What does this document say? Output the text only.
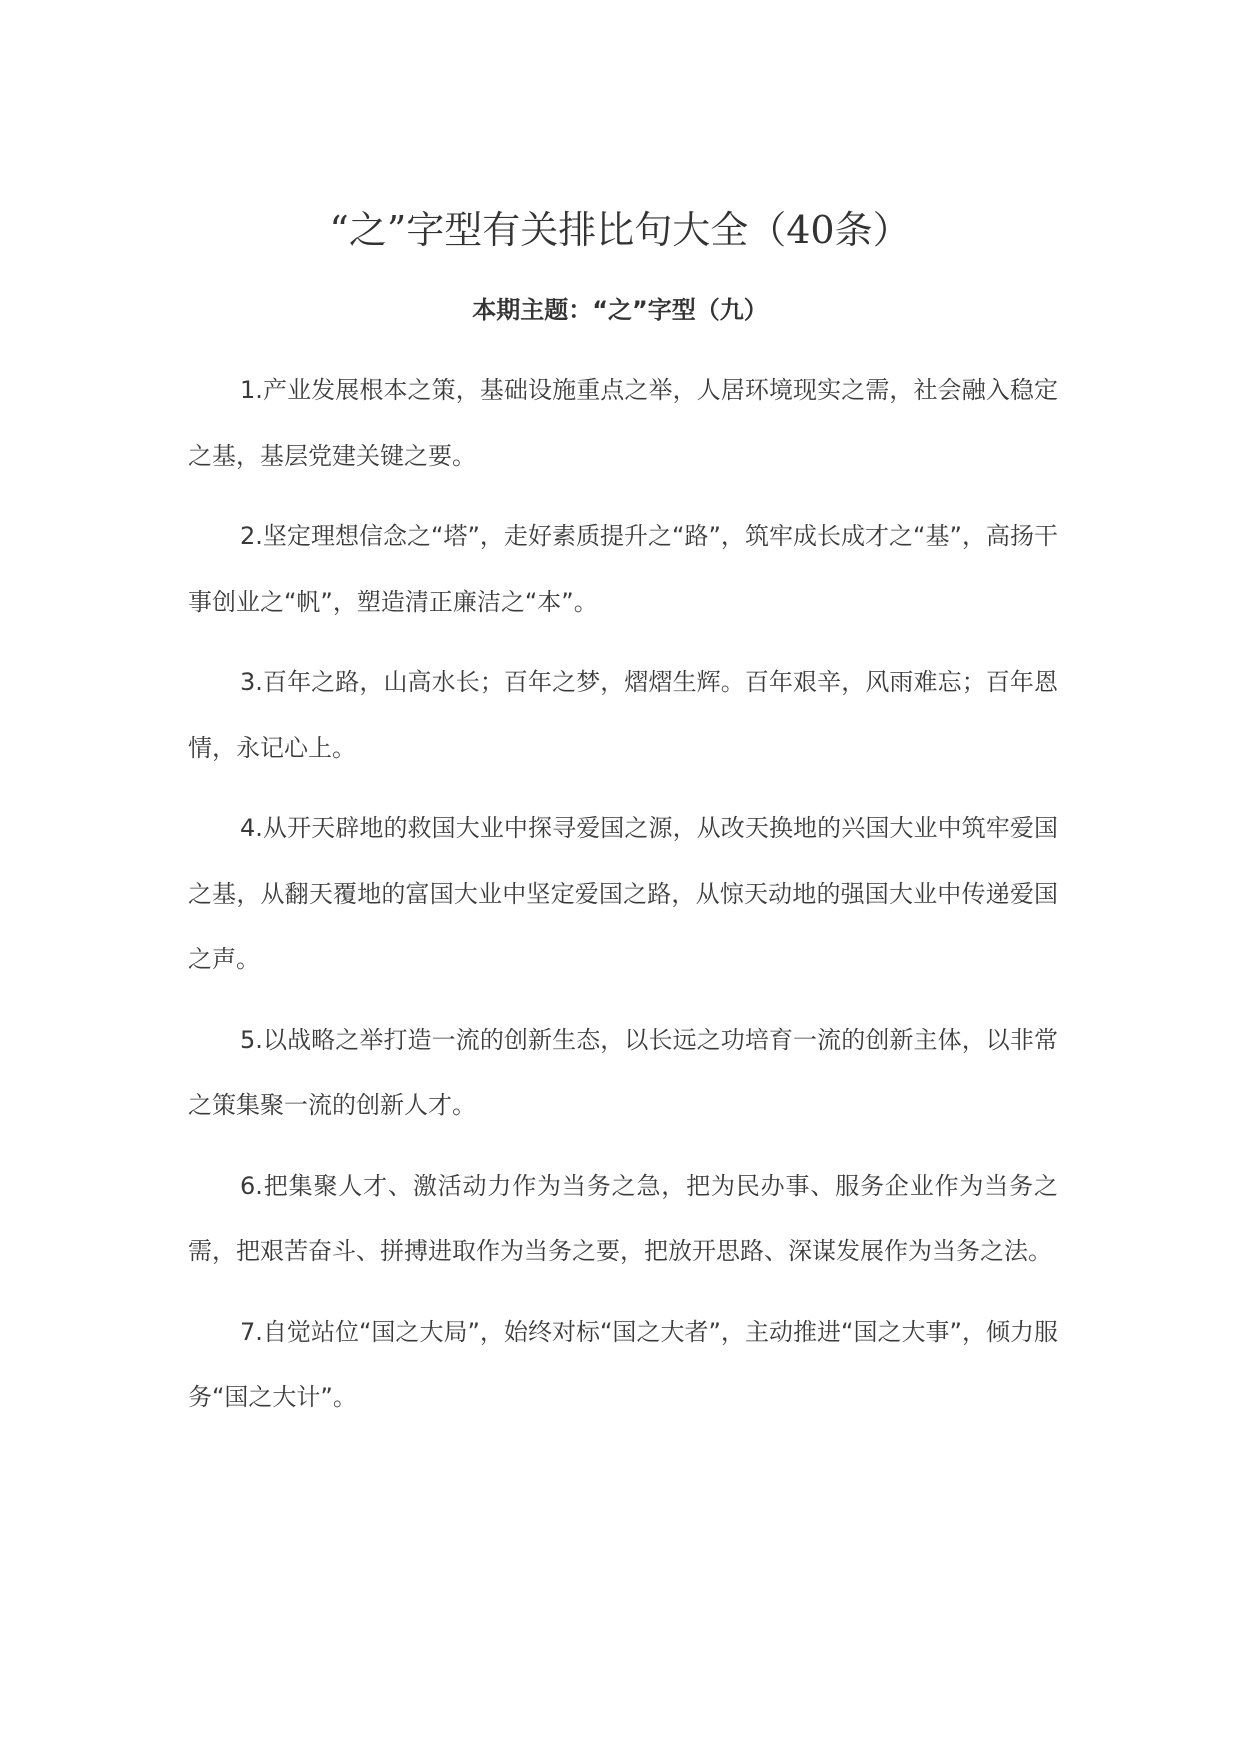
“之”字型有关排比句大全（40条）
本期主题：“之”字型（九）

1.产业发展根本之策，基础设施重点之举，人居环境现实之需，社会融入稳定之基，基层党建关键之要。

2.坚定理想信念之“塔”，走好素质提升之“路”，筑牢成长成才之“基”，高扬干事创业之“帆”，塑造清正廉洁之“本”。

3.百年之路，山高水长；百年之梦，熠熠生辉。百年艰辛，风雨难忘；百年恩情，永记心上。

4.从开天辟地的救国大业中探寻爱国之源，从改天换地的兴国大业中筑牢爱国之基，从翻天覆地的富国大业中坚定爱国之路，从惊天动地的强国大业中传递爱国之声。

5.以战略之举打造一流的创新生态，以长远之功培育一流的创新主体，以非常之策集聚一流的创新人才。

6.把集聚人才、激活动力作为当务之急，把为民办事、服务企业作为当务之需，把艰苦奋斗、拼搏进取作为当务之要，把放开思路、深谋发展作为当务之法。

7.自觉站位“国之大局”，始终对标“国之大者”，主动推进“国之大事”，倾力服务“国之大计”。
